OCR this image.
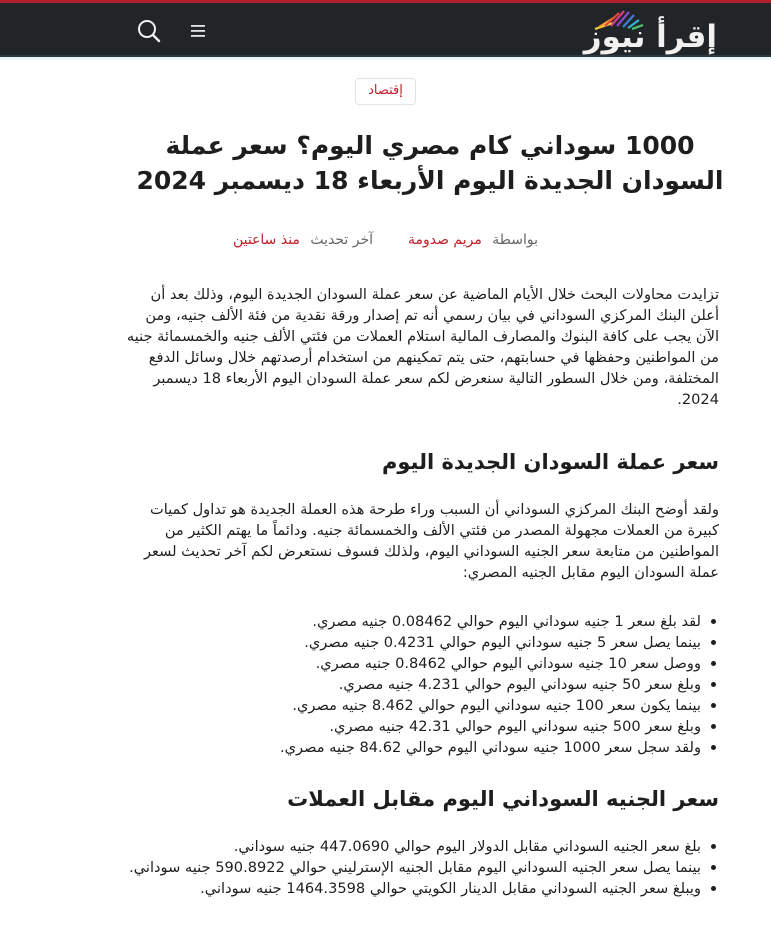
إقرأ نيوز
إقتصاد
1000 سوداني كام مصري اليوم؟ سعر عملة السودان الجديدة اليوم الأربعاء 18 ديسمبر 2024
بواسطة مريم صدومة  آخر تحديث منذ ساعتين

تزايدت محاولات البحث خلال الأيام الماضية عن سعر عملة السودان الجديدة اليوم، وذلك بعد أن أعلن البنك المركزي السوداني في بيان رسمي أنه تم إصدار ورقة نقدية من فئة الألف جنيه، ومن الآن يجب على كافة البنوك والمصارف المالية استلام العملات من فئتي الألف جنيه والخمسمائة جنيه من المواطنين وحفظها في حسابتهم، حتى يتم تمكينهم من استخدام أرصدتهم خلال وسائل الدفع المختلفة، ومن خلال السطور التالية سنعرض لكم سعر عملة السودان اليوم الأربعاء 18 ديسمبر 2024.

سعر عملة السودان الجديدة اليوم

ولقد أوضح البنك المركزي السوداني أن السبب وراء طرحة هذه العملة الجديدة هو تداول كميات كبيرة من العملات مجهولة المصدر من فئتي الألف والخمسمائة جنيه. ودائماً ما يهتم الكثير من المواطنين من متابعة سعر الجنيه السوداني اليوم، ولذلك فسوف نستعرض لكم آخر تحديث لسعر عملة السودان اليوم مقابل الجنيه المصري:

لقد بلغ سعر 1 جنيه سوداني اليوم حوالي 0.08462 جنيه مصري.
بينما يصل سعر 5 جنيه سوداني اليوم حوالي 0.4231 جنيه مصري.
ووصل سعر 10 جنيه سوداني اليوم حوالي 0.8462 جنيه مصري.
وبلغ سعر 50 جنيه سوداني اليوم حوالي 4.231 جنيه مصري.
بينما يكون سعر 100 جنيه سوداني اليوم حوالي 8.462 جنيه مصري.
وبلغ سعر 500 جنيه سوداني اليوم حوالي 42.31 جنيه مصري.
ولقد سجل سعر 1000 جنيه سوداني اليوم حوالي 84.62 جنيه مصري.
سعر الجنيه السوداني اليوم مقابل العملات
بلغ سعر الجنيه السوداني مقابل الدولار اليوم حوالي 447.0690 جنيه سوداني.
بينما يصل سعر الجنيه السوداني اليوم مقابل الجنيه الإسترليني حوالي 590.8922 جنيه سوداني.
ويبلغ سعر الجنيه السوداني مقابل الدينار الكويتي حوالي 1464.3598 جنيه سوداني.
